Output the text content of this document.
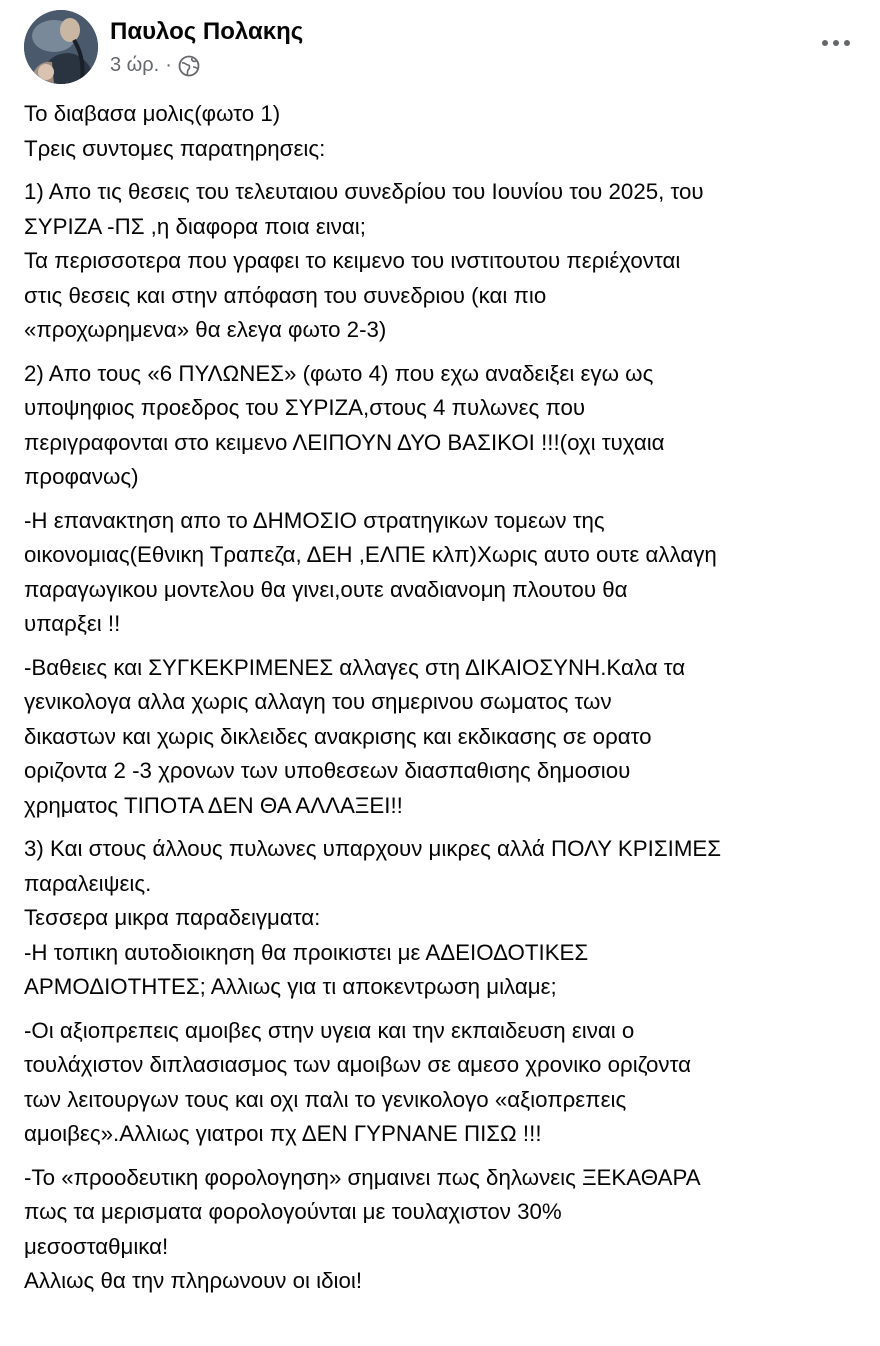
Παυλος Πολακης
3 ώρ. ·
Το διαβασα μολις(φωτο 1)
Τρεις συντομες παρατηρησεις:
1) Απο τις θεσεις του τελευταιου συνεδρίου του Ιουνίου του 2025, του
ΣΥΡΙΖΑ -ΠΣ ,η διαφορα ποια ειναι;
Τα περισσοτερα που γραφει το κειμενο του ινστιτουτου περιέχονται
στις θεσεις και στην απόφαση του συνεδριου (και πιο
«προχωρημενα» θα ελεγα φωτο 2-3)
2) Απο τους «6 ΠΥΛΩΝΕΣ» (φωτο 4) που εχω αναδειξει εγω ως
υποψηφιος προεδρος του ΣΥΡΙΖΑ,στους 4 πυλωνες που
περιγραφονται στο κειμενο ΛΕΙΠΟΥΝ ΔΥΟ ΒΑΣΙΚΟΙ !!!(οχι τυχαια
προφανως)
-Η επανακτηση απο το ΔΗΜΟΣΙΟ στρατηγικων τομεων της
οικονομιας(Εθνικη Τραπεζα, ΔΕΗ ,ΕΛΠΕ κλπ)Χωρις αυτο ουτε αλλαγη
παραγωγικου μοντελου θα γινει,ουτε αναδιανομη πλουτου θα
υπαρξει !!
-Βαθειες και ΣΥΓΚΕΚΡΙΜΕΝΕΣ αλλαγες στη ΔΙΚΑΙΟΣΥΝΗ.Καλα τα
γενικολογα αλλα χωρις αλλαγη του σημερινου σωματος των
δικαστων και χωρις δικλειδες ανακρισης και εκδικασης σε ορατο
οριζοντα 2 -3 χρονων των υποθεσεων διασπαθισης δημοσιου
χρηματος ΤΙΠΟΤΑ ΔΕΝ ΘΑ ΑΛΛΑΞΕΙ!!
3) Και στους άλλους πυλωνες υπαρχουν μικρες αλλά ΠΟΛΥ ΚΡΙΣΙΜΕΣ
παραλειψεις.
Τεσσερα μικρα παραδειγματα:
-Η τοπικη αυτοδιοικηση θα προικιστει με ΑΔΕΙΟΔΟΤΙΚΕΣ
ΑΡΜΟΔΙΟΤΗΤΕΣ; Αλλιως για τι αποκεντρωση μιλαμε;
-Οι αξιοπρεπεις αμοιβες στην υγεια και την εκπαιδευση ειναι ο
τουλάχιστον διπλασιασμος των αμοιβων σε αμεσο χρονικο οριζοντα
των λειτουργων τους και οχι παλι το γενικολογο «αξιοπρεπεις
αμοιβες».Αλλιως γιατροι πχ ΔΕΝ ΓΥΡΝΑΝΕ ΠΙΣΩ !!!
-Το «προοδευτικη φορολογηση» σημαινει πως δηλωνεις ΞΕΚΑΘΑΡΑ
πως τα μερισματα φορολογούνται με τουλαχιστον 30%
μεσοσταθμικα!
Αλλιως θα την πληρωνουν οι ιδιοι!
